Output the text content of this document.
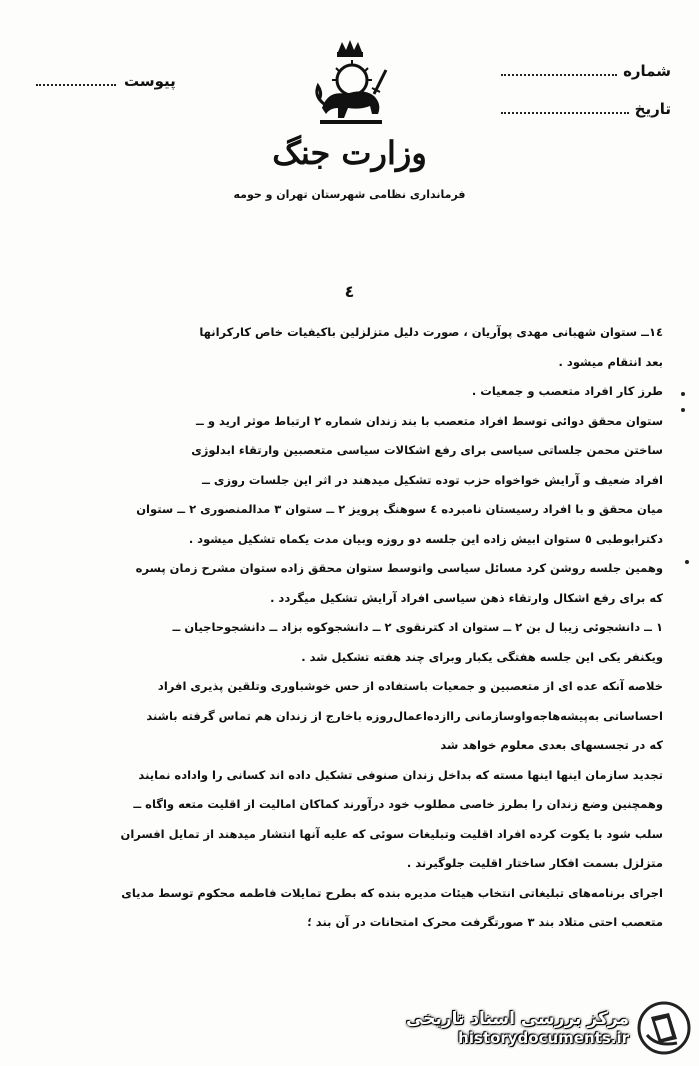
شماره
تاریخ
پیوست
وزارت جنگ
فرمانداری نظامی شهرستان تهران و حومه
٤

١٤ــ ستوان شهبانی مهدی پوآریان ، صورت دلیل متزلزلین باکیفیات خاص کارکرانها

بعد انتقام میشود .

طرز کار افراد متعصب و جمعیات .

ستوان محقق دوائی توسط افراد متعصب با بند زندان شماره ٢ ارتباط موثر ارید و ــ

ساختن محمن جلساتی سیاسی برای رفع اشکالات سیاسی متعصبین وارتقاء ابدلوژی

افراد ضعیف و آرایش خواخواه حزب توده تشکیل میدهند در اثر این جلسات روزی ــ

میان محقق و با افراد رسیستان نامبرده ٤ سوهنگ پرویز ٢ ــ ستوان ٣ مدالمنصوری ٢ ــ ستوان

دکترابوطبی ٥ ستوان ابیش زاده این جلسه دو روزه وبیان مدت یکماه تشکیل میشود .

وهمین جلسه روشن کرد مسائل سیاسی واتوسط ستوان محقق زاده ستوان مشرح زمان پسره

که برای رفع اشکال وارتقاء ذهن سیاسی افراد آرایش تشکیل میگردد .

١ ــ دانشجوئی زیبا ل بن ٢ ــ ستوان اد کترنقوی ٢ ــ دانشجوکوه بزاد ــ دانشجوحاجیان ــ

ویکنفر یکی این جلسه هفتگی یکبار وبرای چند هفته تشکیل شد .

خلاصه آنکه عده ای از متعصبین و جمعیات باستفاده از حس خوشباوری وتلقین پذیری افراد

احساساتی به‌پیشه‌ها‌جه‌وا‌و‌سازمانی را‌ازده‌اعمال‌روزه باخارج از زندان هم تماس گرفته باشند

که در تجسسهای بعدی معلوم خواهد شد

تجدید سازمان اینها اینها مسته که بداخل زندان صنوفی تشکیل داده اند کسانی را واداده نمایند

وهمچنین وضع زندان را بطرز خاصی مطلوب خود درآورند کماکان امالیت از اقلیت متعه واگاه ــ

سلب شود با یکوت کرده افراد اقلیت وتبلیغات سوئی که علیه آنها انتشار میدهند از تمایل افسران

متزلزل بسمت افکار ساختار اقلیت جلوگیرند .

اجرای برنامه‌های تبلیغاتی انتخاب هیئات مدیره بنده که بطرح تمایلات فاطمه محکوم توسط مدیای

متعصب احتی متلاد بند ٣ صورتگرفت محرک امتحانات در آن بند ؛

مرکز بررسی اسناد تاریخی
historydocuments.ir
